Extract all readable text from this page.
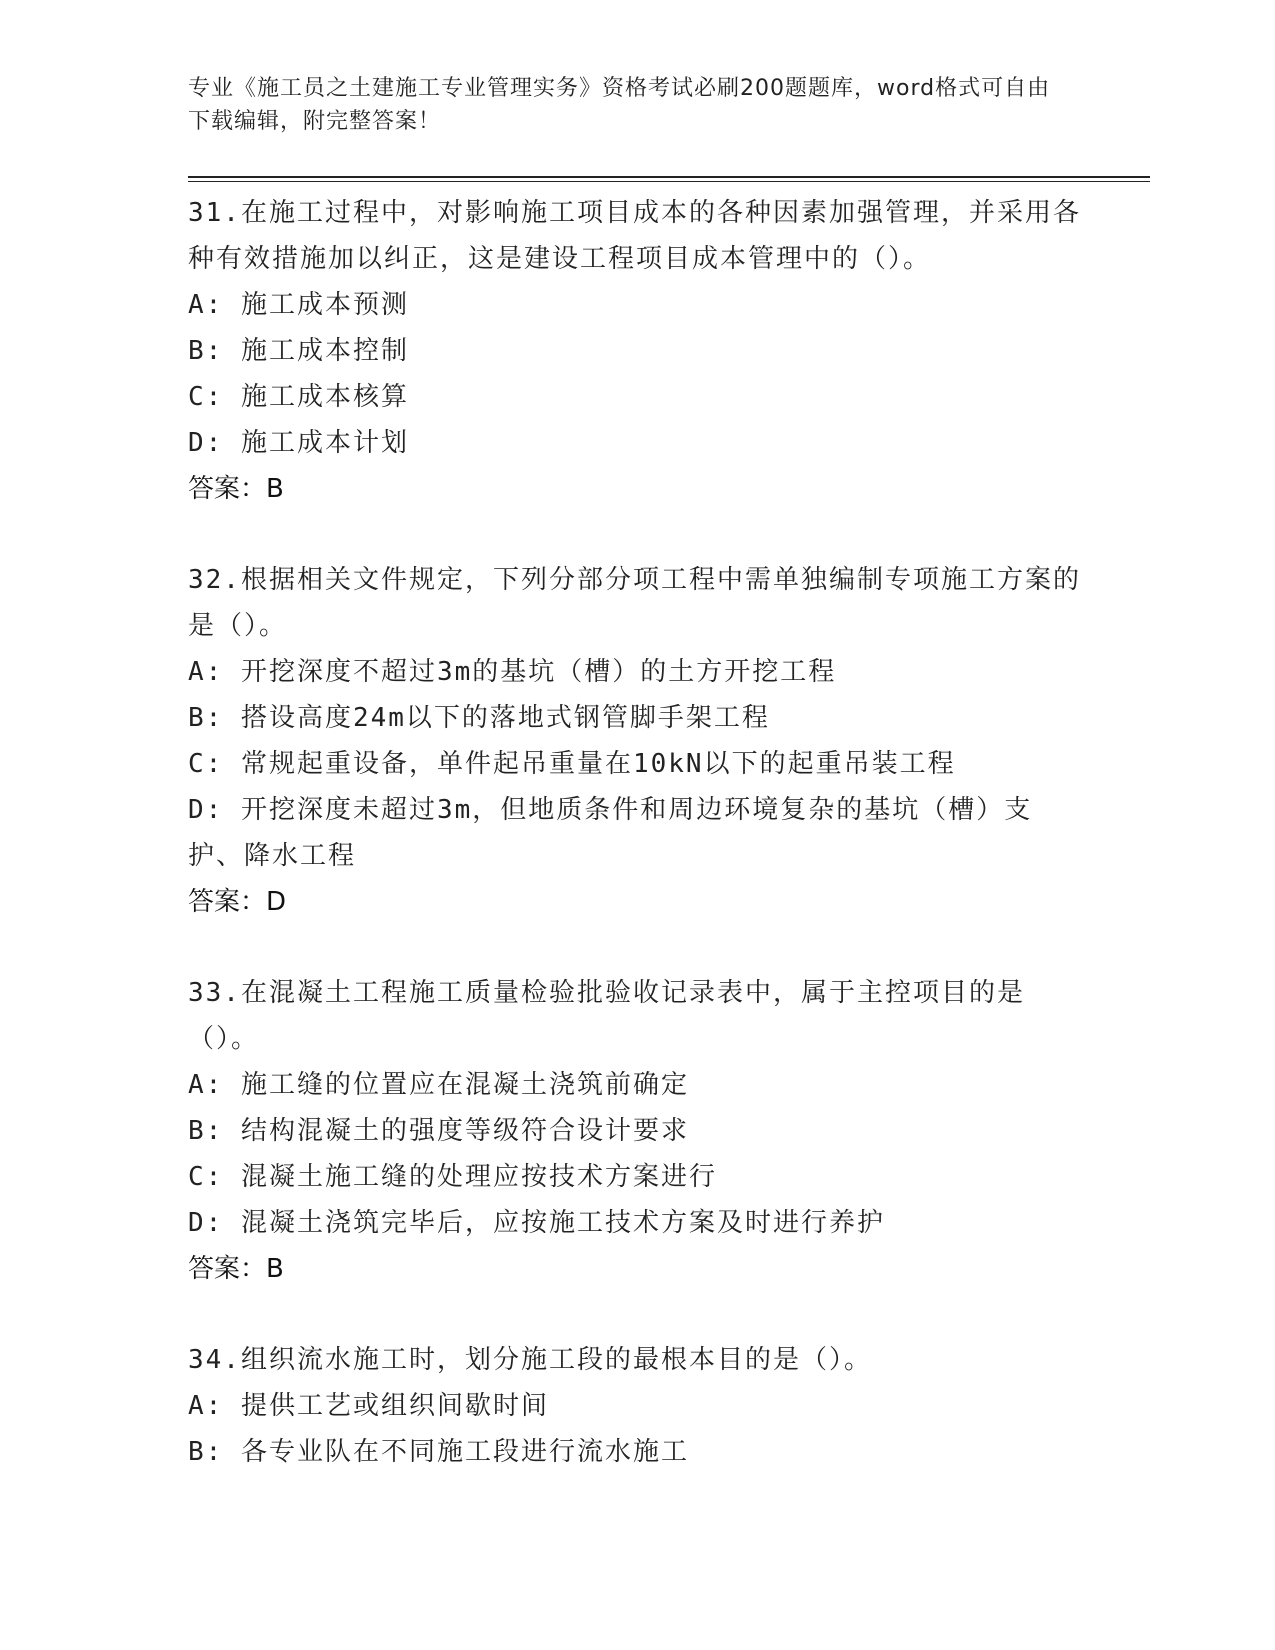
专业《施工员之土建施工专业管理实务》资格考试必刷200题题库，word格式可自由下载编辑，附完整答案！
31.在施工过程中，对影响施工项目成本的各种因素加强管理，并采用各种有效措施加以纠正，这是建设工程项目成本管理中的（）。
A: 施工成本预测
B: 施工成本控制
C: 施工成本核算
D: 施工成本计划
答案：B
32.根据相关文件规定，下列分部分项工程中需单独编制专项施工方案的是（）。
A: 开挖深度不超过3m的基坑（槽）的土方开挖工程
B: 搭设高度24m以下的落地式钢管脚手架工程
C: 常规起重设备，单件起吊重量在10kN以下的起重吊装工程
D: 开挖深度未超过3m，但地质条件和周边环境复杂的基坑（槽）支护、降水工程
答案：D
33.在混凝土工程施工质量检验批验收记录表中，属于主控项目的是（）。
A: 施工缝的位置应在混凝土浇筑前确定
B: 结构混凝土的强度等级符合设计要求
C: 混凝土施工缝的处理应按技术方案进行
D: 混凝土浇筑完毕后，应按施工技术方案及时进行养护
答案：B
34.组织流水施工时，划分施工段的最根本目的是（）。
A: 提供工艺或组织间歇时间
B: 各专业队在不同施工段进行流水施工
